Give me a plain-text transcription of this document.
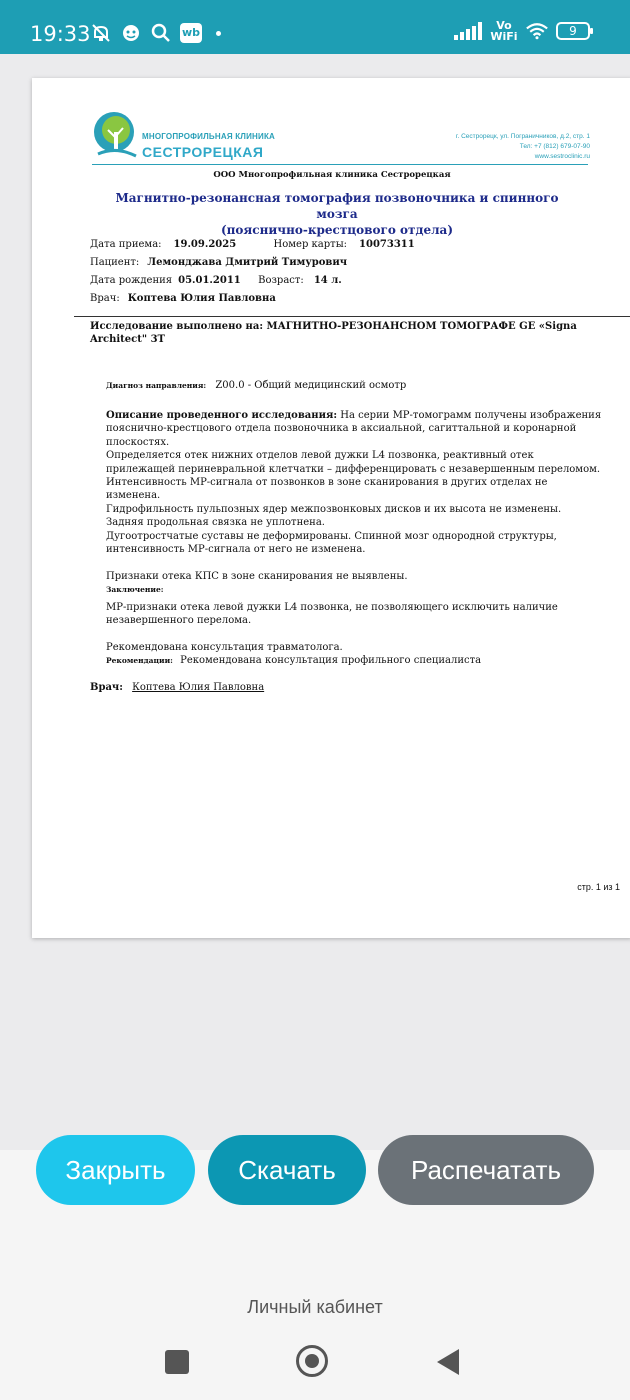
19:33	wb
Vo WiFi	9
МНОГОПРОФИЛЬНАЯ КЛИНИКА
СЕСТРОРЕЦКАЯ
г. Сестрорецк, ул. Пограничников, д.2, стр. 1
Тел: +7 (812) 679-07-90
www.sestroclinic.ru
ООО Многопрофильная клиника Сестрорецкая
Магнитно-резонансная томография позвоночника и спинного мозга
(пояснично-крестцового отдела)
Дата приема: 19.09.2025	Номер карты: 10073311
Пациент: Лемонджава Дмитрий Тимурович
Дата рождения 05.01.2011	Возраст: 14 л.
Врач: Коптева Юлия Павловна
Исследование выполнено на: МАГНИТНО-РЕЗОНАНСНОМ ТОМОГРАФЕ GE «Signa Architect" 3T
Диагноз направления: Z00.0 - Общий медицинский осмотр

Описание проведенного исследования: На серии МР-томограмм получены изображения пояснично-крестцового отдела позвоночника в аксиальной, сагиттальной и коронарной плоскостях.

Определяется отек нижних отделов левой дужки L4 позвонка, реактивный отек прилежащей периневральной клетчатки – дифференцировать с незавершенным переломом.

Интенсивность МР-сигнала от позвонков в зоне сканирования в других отделах не изменена.

Гидрофильность пульпозных ядер межпозвонковых дисков и их высота не изменены.

Задняя продольная связка не уплотнена.

Дугоотростчатые суставы не деформированы. Спинной мозг однородной структуры, интенсивность МР-сигнала от него не изменена.

Признаки отека КПС в зоне сканирования не выявлены.

Заключение:

МР-признаки отека левой дужки L4 позвонка, не позволяющего исключить наличие незавершенного перелома.

Рекомендована консультация травматолога.

Рекомендации: Рекомендована консультация профильного специалиста

Врач: Коптева Юлия Павловна
стр. 1 из 1
Закрыть	Скачать	Распечатать
Личный кабинет
